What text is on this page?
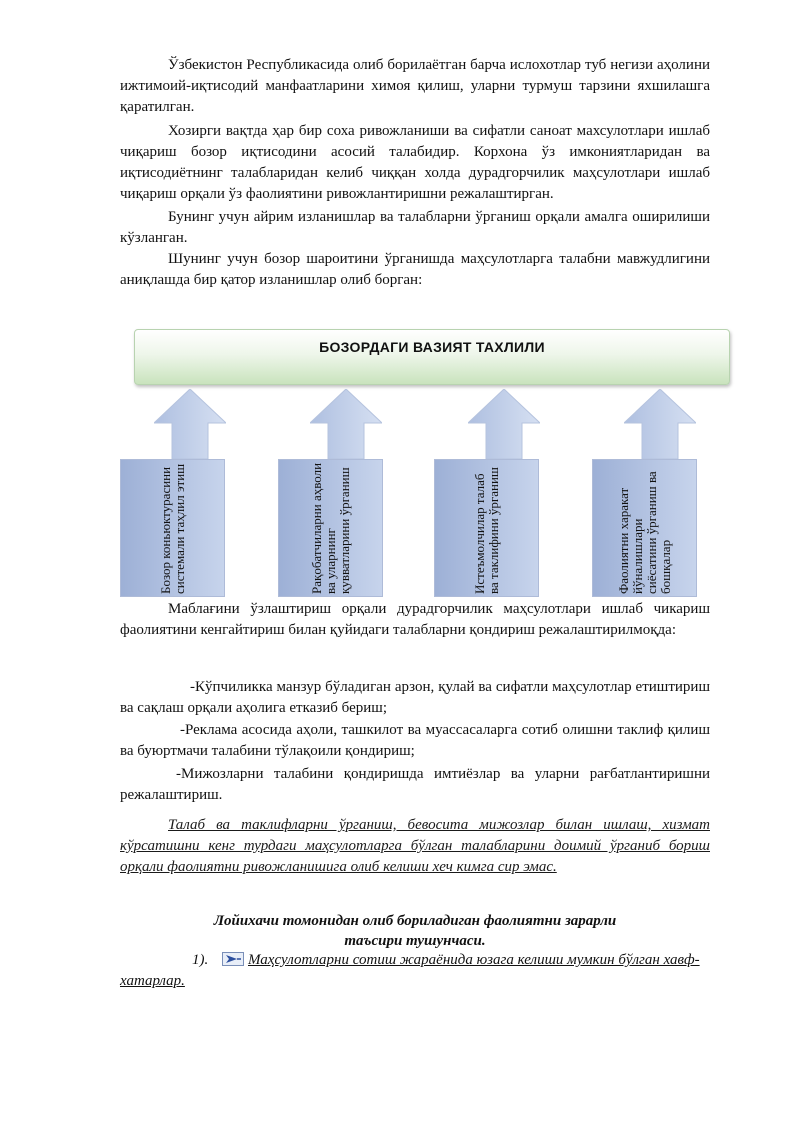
Ўзбекистон Республикасида олиб борилаётган барча ислохотлар туб негизи аҳолини ижтимоий-иқтисодий манфаатларини химоя қилиш, уларни турмуш тарзини яхшилашга қаратилган.

Хозирги вақтда ҳар бир соха ривожланиши ва сифатли саноат махсулотлари ишлаб чиқариш бозор иқтисодини асосий талабидир. Корхона ўз имкониятларидан ва иқтисодиётнинг талабларидан келиб чиққан холда дурадгорчилик маҳсулотлари ишлаб чиқариш орқали ўз фаолиятини ривожлантиришни режалаштирган.

Бунинг учун айрим изланишлар ва талабларни ўрганиш орқали амалга оширилиши кўзланган.

Шунинг учун бозор шароитини ўрганишда маҳсулотларга талабни мавжудлигини аниқлашда бир қатор изланишлар олиб борган:

БОЗОРДАГИ ВАЗИЯТ ТАХЛИЛИ
Бозор коньюктурасини системали таҳлил этиш	Рақобатчиларни аҳволи ва уларнинг қувватларини ўрганиш	Истеъмолчилар талаб ва таклифини ўрганиш	Фаолиятни харакат йўналишлари сиёсатини ўрганиш ва бошқалар

Маблағини ўзлаштириш орқали дурадгорчилик маҳсулотлари ишлаб чикариш фаолиятини кенгайтириш билан қуйидаги талабларни қондириш режалаштирилмоқда:

-Кўпчиликка манзур бўладиган арзон, қулай ва сифатли маҳсулотлар етиштириш ва сақлаш орқали аҳолига етказиб бериш;

-Реклама асосида аҳоли, ташкилот ва муассасаларга сотиб олишни таклиф қилиш ва буюртмачи талабини тўлақоили қондириш;

-Мижозларни талабини қондиришда имтиёзлар ва уларни рағбатлантиришни режалаштириш.

Талаб ва таклифларни ўрганиш, бевосита мижозлар билан ишлаш, хизмат кўрсатишни кенг турдаги маҳсулотларга бўлган талабларини доимий ўрганиб бориш орқали фаолиятни ривожланишига олиб келиши хеч кимга сир эмас.

Лойихачи томонидан олиб бориладиган фаолиятни зарарли
таъсири тушунчаси.

1).	Маҳсулотларни сотиш жараёнида юзага келиши мумкин бўлган хавф-хатарлар.
